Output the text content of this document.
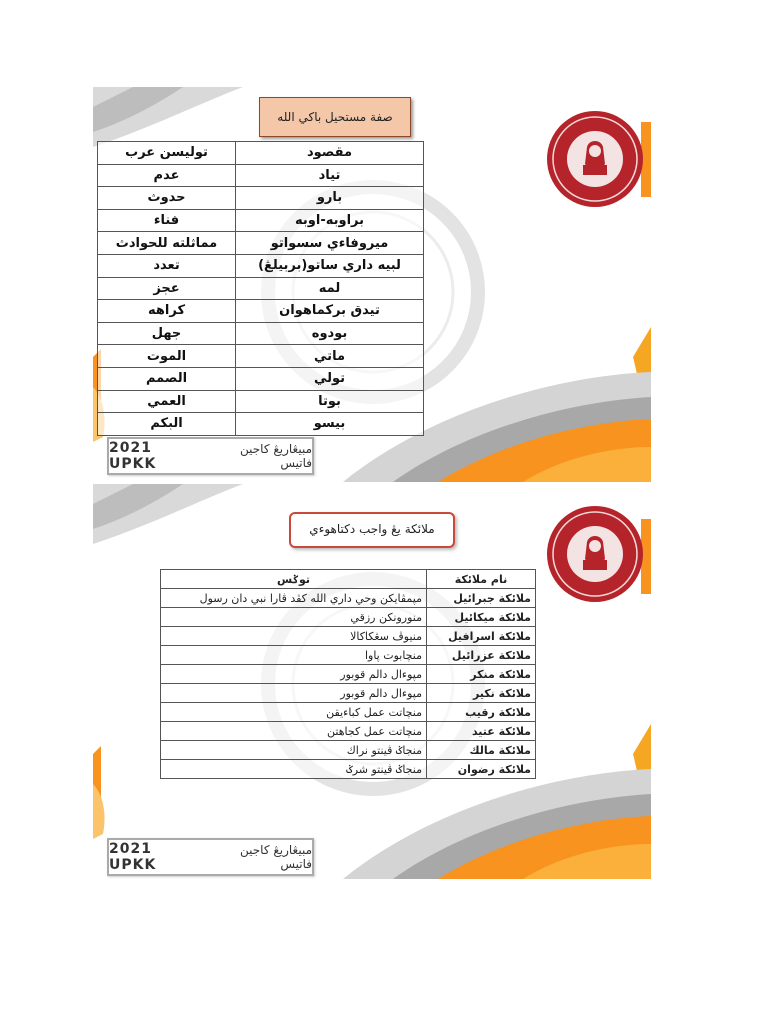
صفة مستحيل باکي الله
مقصود	توليسن عرب
تياد	عدم
بارو	حدوث
براوبه-اوبه	فناء
ميروفاءي سسواتو	مماثلته للحوادث
لبيه داري ساتو(بربيلڠ)	تعدد
لمه	عجز
تيدق بركماهوان	كراهه
بودوه	جهل
ماتي	الموت
تولي	الصمم
بوتا	العمي
بيسو	البكم
2021 UPKK
مبيڠاريڠ كاجين فاتيس
ملائکة يڠ واجب دکتاهوءي
نام ملائکة	توݢس
ملائکة جبرائيل	مڽمڤايکن وحي داري الله كڤد ڤارا نبي دان رسول
ملائکة ميکائيل	منورونکن رزقي
ملائکة اسرافيل	منيوڤ سڠکاکالا
ملائکة عزرائيل	منچابوت ڽاوا
ملائکة منکر	مڽوءال دالم قوبور
ملائکة نکير	مڽوءال دالم قوبور
ملائکة رقيب	منچاتت عمل کباءيقن
ملائکة عتيد	منچاتت عمل کجاهتن
ملائکة مالك	منجاݢ ڤينتو نراك
ملائکة رضوان	منجاݢ ڤينتو شرݢ
2021 UPKK
مبيڠاريڠ كاجين فاتيس
